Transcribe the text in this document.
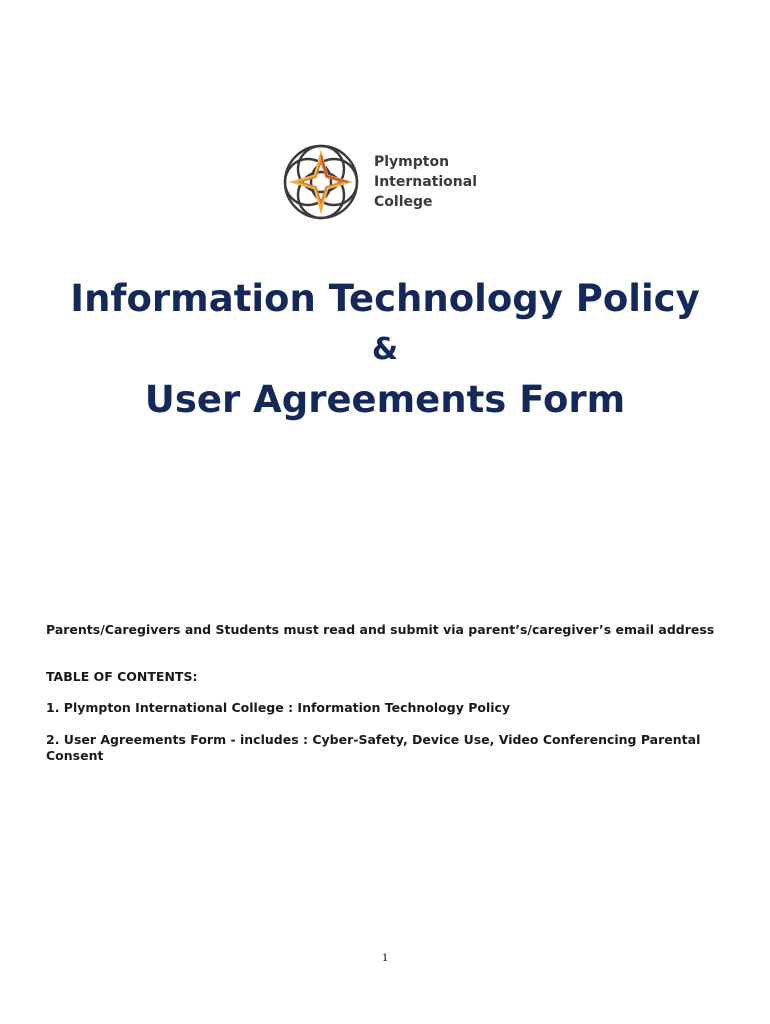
Plympton
International
College
Information Technology Policy
&
User Agreements Form
Parents/Caregivers and Students must read and submit via parent’s/caregiver’s email address
TABLE OF CONTENTS:
1. Plympton International College : Information Technology Policy
2. User Agreements Form - includes : Cyber-Safety, Device Use, Video Conferencing Parental Consent
1
